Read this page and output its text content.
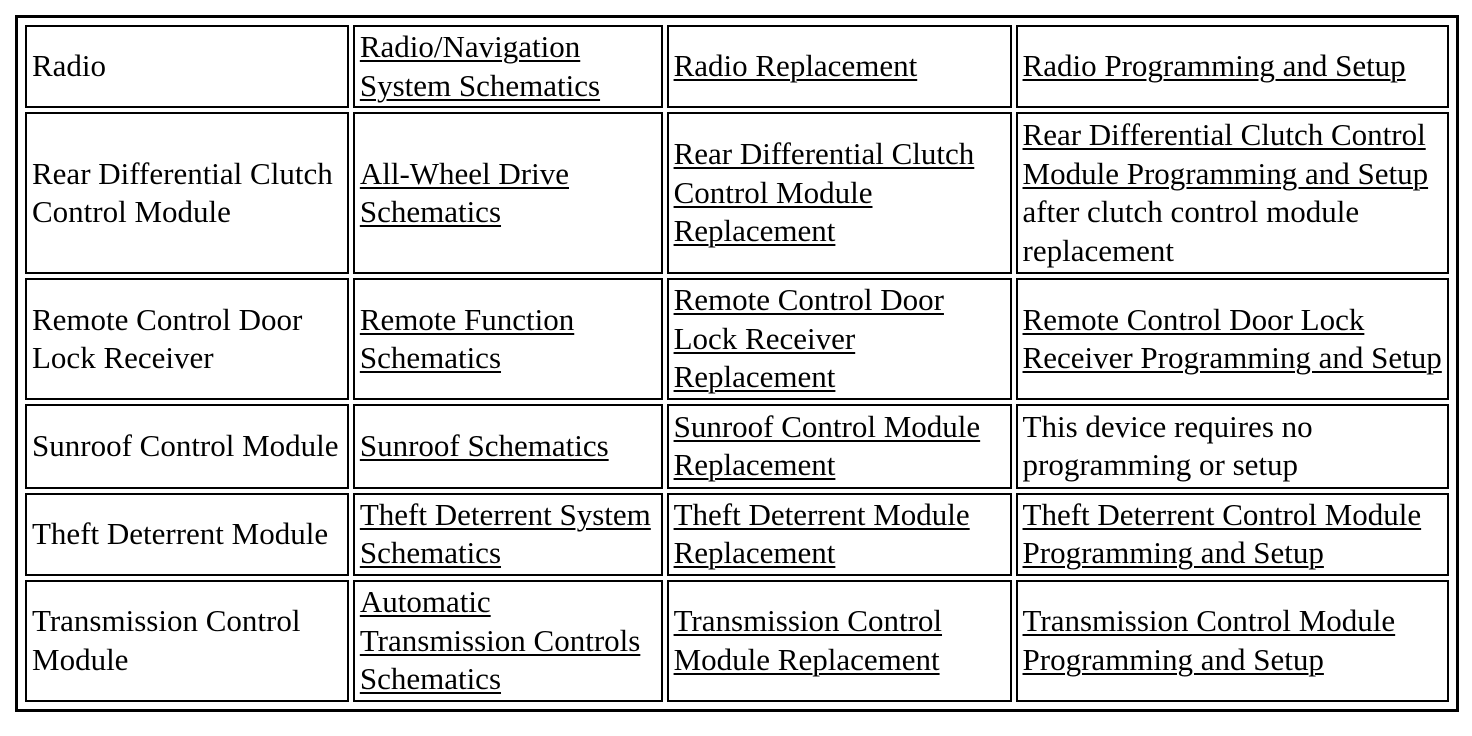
Radio	Radio/Navigation System Schematics	Radio Replacement	Radio Programming and Setup
Rear Differential Clutch Control Module	All-Wheel Drive Schematics	Rear Differential Clutch Control Module Replacement	Rear Differential Clutch Control Module Programming and Setup after clutch control module replacement
Remote Control Door Lock Receiver	Remote Function Schematics	Remote Control Door Lock Receiver Replacement	Remote Control Door Lock Receiver Programming and Setup
Sunroof Control Module	Sunroof Schematics	Sunroof Control Module Replacement	This device requires no programming or setup
Theft Deterrent Module	Theft Deterrent System Schematics	Theft Deterrent Module Replacement	Theft Deterrent Control Module Programming and Setup
Transmission Control Module	Automatic Transmission Controls Schematics	Transmission Control Module Replacement	Transmission Control Module Programming and Setup
